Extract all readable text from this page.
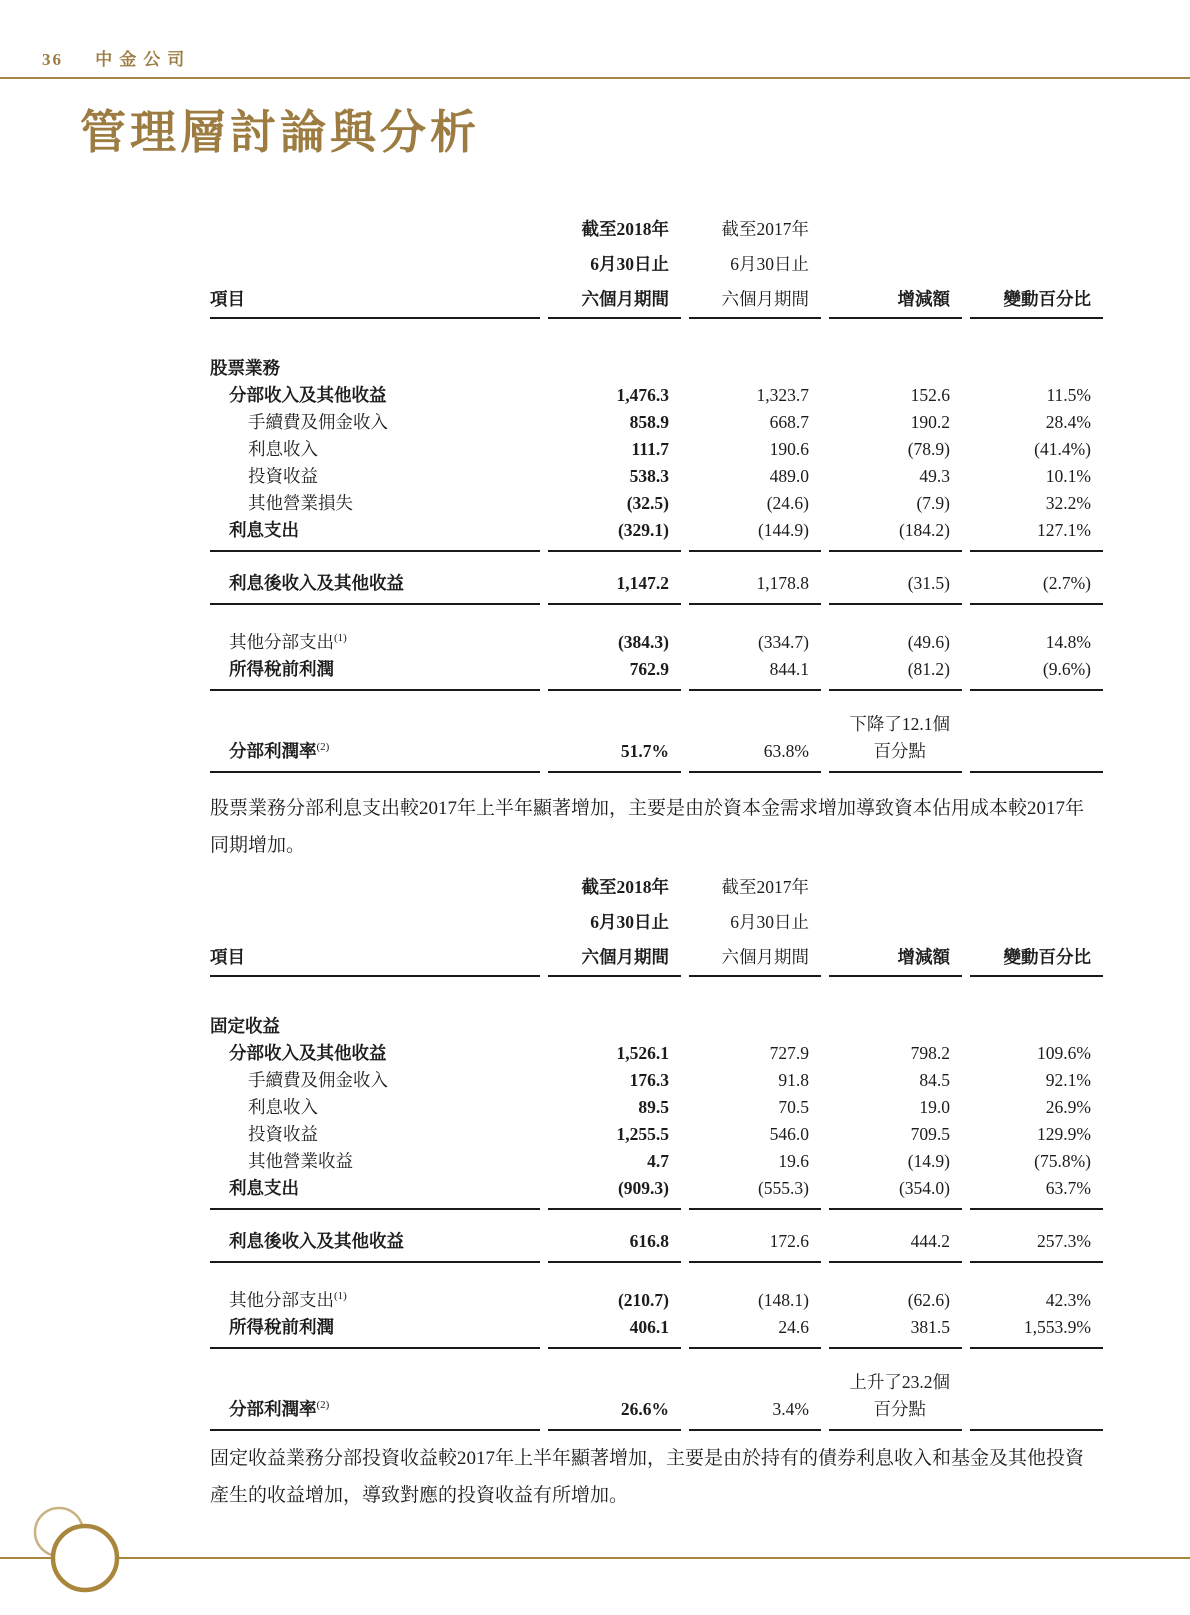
36 中金公司
管理層討論與分析
	截至2018年	截至2017年		
	6月30日止	6月30日止		
項目	六個月期間	六個月期間	增減額	變動百分比

股票業務				
分部收入及其他收益	1,476.3	1,323.7	152.6	11.5%
手續費及佣金收入	858.9	668.7	190.2	28.4%
利息收入	111.7	190.6	(78.9)	(41.4%)
投資收益	538.3	489.0	49.3	10.1%
其他營業損失	(32.5)	(24.6)	(7.9)	32.2%
利息支出	(329.1)	(144.9)	(184.2)	127.1%

利息後收入及其他收益	1,147.2	1,178.8	(31.5)	(2.7%)

其他分部支出$^{(1)}$	(384.3)	(334.7)	(49.6)	14.8%
所得稅前利潤	762.9	844.1	(81.2)	(9.6%)

分部利潤率$^{(2)}$	51.7%	63.8%	下降了12.1個
百分點	

股票業務分部利息支出較2017年上半年顯著增加，主要是由於資本金需求增加導致資本佔用成本較2017年同期增加。
	截至2018年	截至2017年		
	6月30日止	6月30日止		
項目	六個月期間	六個月期間	增減額	變動百分比

固定收益				
分部收入及其他收益	1,526.1	727.9	798.2	109.6%
手續費及佣金收入	176.3	91.8	84.5	92.1%
利息收入	89.5	70.5	19.0	26.9%
投資收益	1,255.5	546.0	709.5	129.9%
其他營業收益	4.7	19.6	(14.9)	(75.8%)
利息支出	(909.3)	(555.3)	(354.0)	63.7%

利息後收入及其他收益	616.8	172.6	444.2	257.3%

其他分部支出$^{(1)}$	(210.7)	(148.1)	(62.6)	42.3%
所得稅前利潤	406.1	24.6	381.5	1,553.9%

分部利潤率$^{(2)}$	26.6%	3.4%	上升了23.2個
百分點	

固定收益業務分部投資收益較2017年上半年顯著增加，主要是由於持有的債券利息收入和基金及其他投資產生的收益增加，導致對應的投資收益有所增加。
